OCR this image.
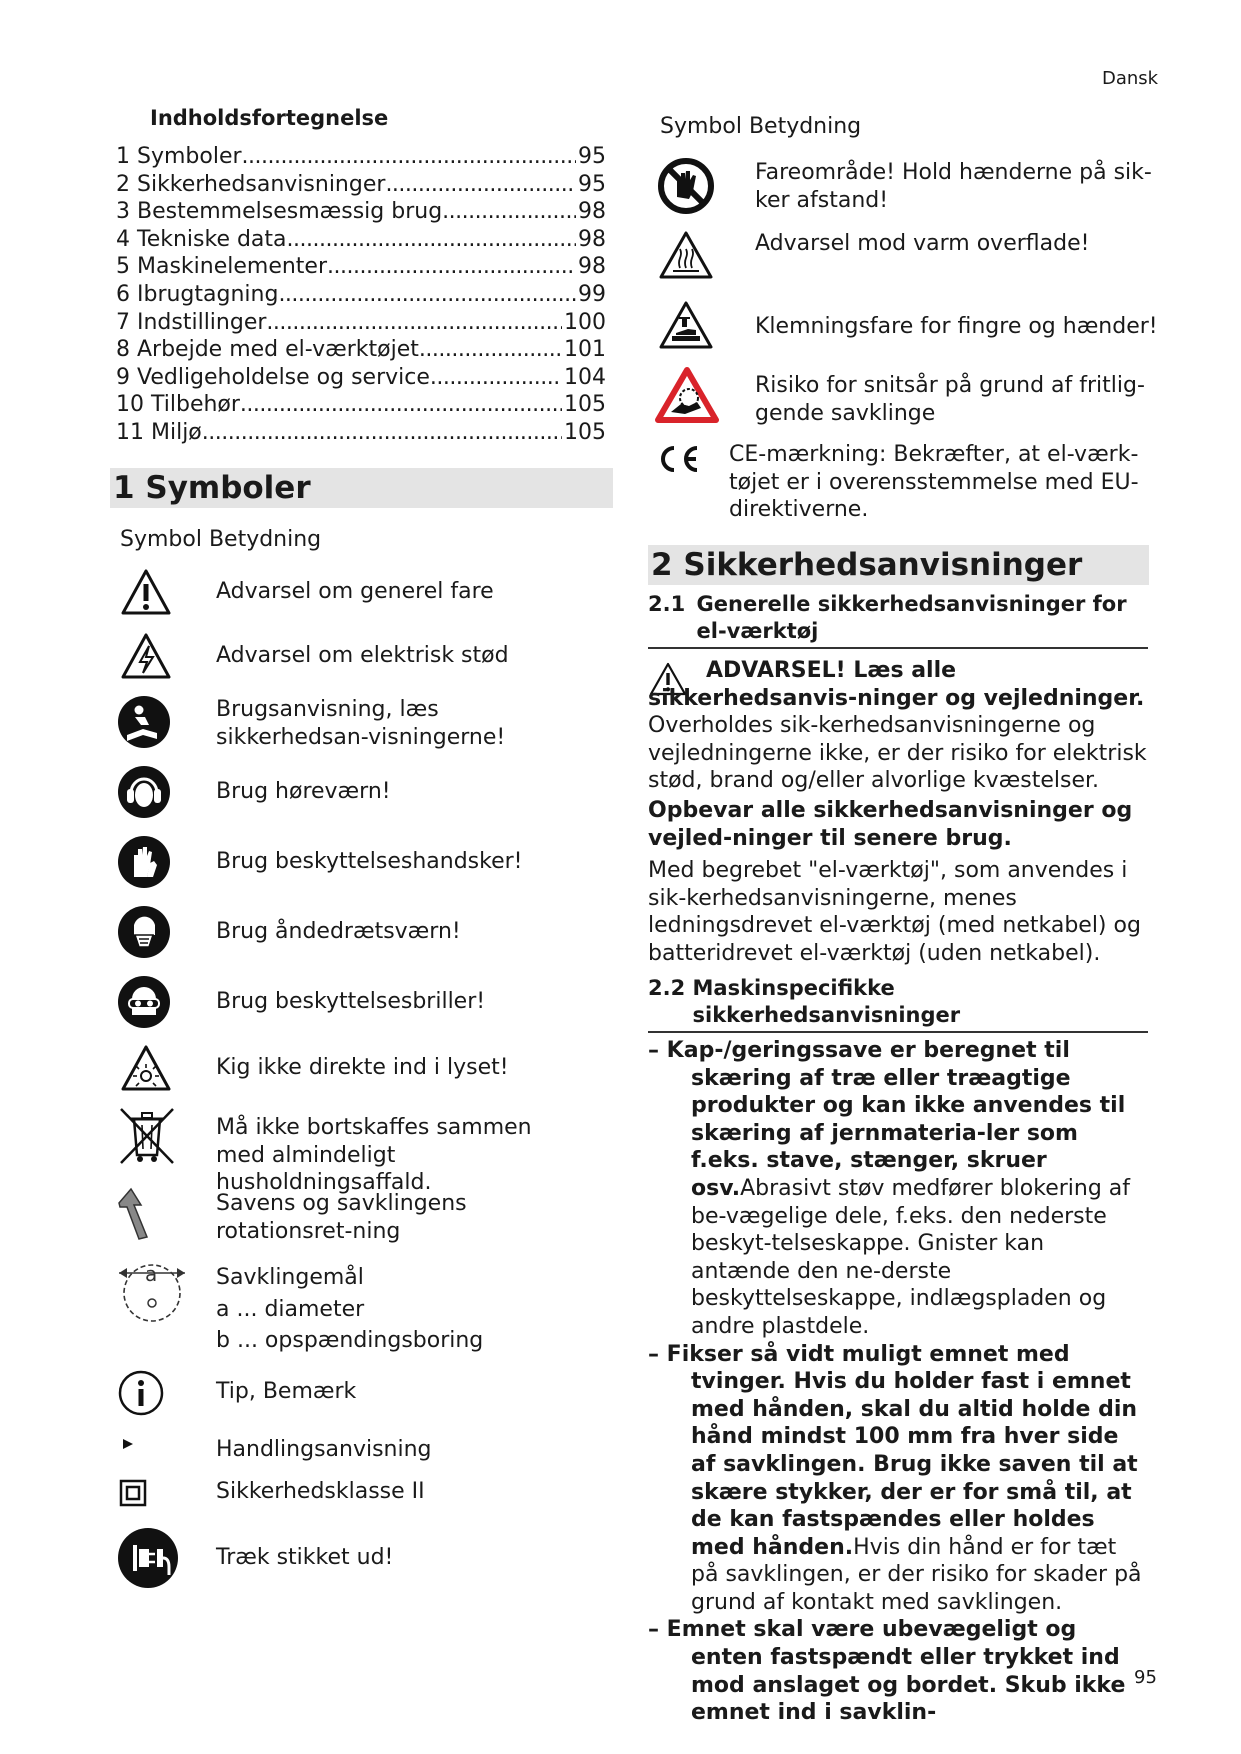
Dansk
95
Indholdsfortegnelse
1 Symboler .....	95
2 Sikkerhedsanvisninger .....	95
3 Bestemmelsesmæssig brug .....	98
4 Tekniske data .....	98
5 Maskinelementer .....	98
6 Ibrugtagning .....	99
7 Indstillinger .....	100
8 Arbejde med el-værktøjet .....	101
9 Vedligeholdelse og service .....	104
10 Tilbehør .....	105
11 Miljø .....	105
1 Symboler
Symbol Betydning
Advarsel om generel fare
Advarsel om elektrisk stød
Brugsanvisning, læs sikkerhedsan-visningerne!
Brug høreværn!
Brug beskyttelseshandsker!
Brug åndedrætsværn!
Brug beskyttelsesbriller!
Kig ikke direkte ind i lyset!
Må ikke bortskaffes sammen med almindeligt husholdningsaffald.
Savens og savklingens rotationsret-ning
a	Savklingemål
a ... diameter
b ... opspændingsboring
Tip, Bemærk
Handlingsanvisning
Sikkerhedsklasse II
Træk stikket ud!
Symbol Betydning
Fareområde! Hold hænderne på sik-ker afstand!
Advarsel mod varm overflade!
Klemningsfare for fingre og hænder!
Risiko for snitsår på grund af fritlig-gende savklinge
CE-mærkning: Bekræfter, at el-værk-tøjet er i overensstemmelse med EU-direktiverne.
2 Sikkerhedsanvisninger
2.1 Generelle sikkerhedsanvisninger for el-værktøj
ADVARSEL! Læs alle sikkerhedsanvis-ninger og vejledninger. Overholdes sik-kerhedsanvisningerne og vejledningerne ikke, er der risiko for elektrisk stød, brand og/eller alvorlige kvæstelser.
Opbevar alle sikkerhedsanvisninger og vejled-ninger til senere brug.
Med begrebet "el-værktøj", som anvendes i sik-kerhedsanvisningerne, menes ledningsdrevet el-værktøj (med netkabel) og batteridrevet el-værktøj (uden netkabel).
2.2 Maskinspecifikke sikkerhedsanvisninger
– Kap-/geringssave er beregnet til skæring af træ eller træagtige produkter og kan ikke anvendes til skæring af jernmateria-ler som f.eks. stave, stænger, skruer osv.Abrasivt støv medfører blokering af be-vægelige dele, f.eks. den nederste beskyt-telseskappe. Gnister kan antænde den ne-derste beskyttelseskappe, indlægspladen og andre plastdele.
– Fikser så vidt muligt emnet med tvinger. Hvis du holder fast i emnet med hånden, skal du altid holde din hånd mindst 100 mm fra hver side af savklingen. Brug ikke saven til at skære stykker, der er for små til, at de kan fastspændes eller holdes med hånden.Hvis din hånd er for tæt på savklingen, er der risiko for skader på grund af kontakt med savklingen.
– Emnet skal være ubevægeligt og enten fastspændt eller trykket ind mod anslaget og bordet. Skub ikke emnet ind i savklin-
